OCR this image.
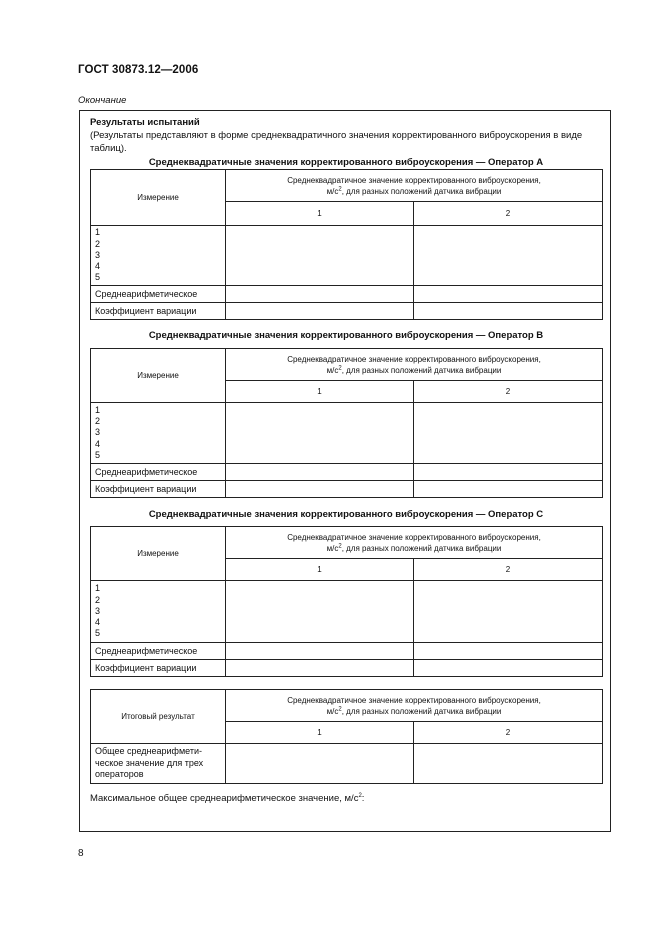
ГОСТ 30873.12—2006
Окончание
Результаты испытаний
(Результаты представляют в форме среднеквадратичного значения корректированного виброускорения в виде таблиц).
Среднеквадратичные значения корректированного виброускорения — Оператор А
Измерение	Среднеквадратичное значение корректированного виброускорения,
$м/с^2$, для разных положений датчика вибрации	

	1	2

1
2
3
4
5		

Среднеарифметическое		
Коэффициент вариации		
Среднеквадратичные значения корректированного виброускорения — Оператор В
Измерение	Среднеквадратичное значение корректированного виброускорения,
$м/с^2$, для разных положений датчика вибрации	

	1	2

1
2
3
4
5		

Среднеарифметическое		
Коэффициент вариации		
Среднеквадратичные значения корректированного виброускорения — Оператор С
Измерение	Среднеквадратичное значение корректированного виброускорения,
$м/с^2$, для разных положений датчика вибрации	

	1	2

1
2
3
4
5		

Среднеарифметическое		
Коэффициент вариации		
Итоговый результат	Среднеквадратичное значение корректированного виброускорения,
$м/с^2$, для разных положений датчика вибрации	

	1	2

Общее среднеарифмети-
ческое значение для трех
операторов		

Максимальное общее среднеарифметическое значение, $м/с^2$:
8
